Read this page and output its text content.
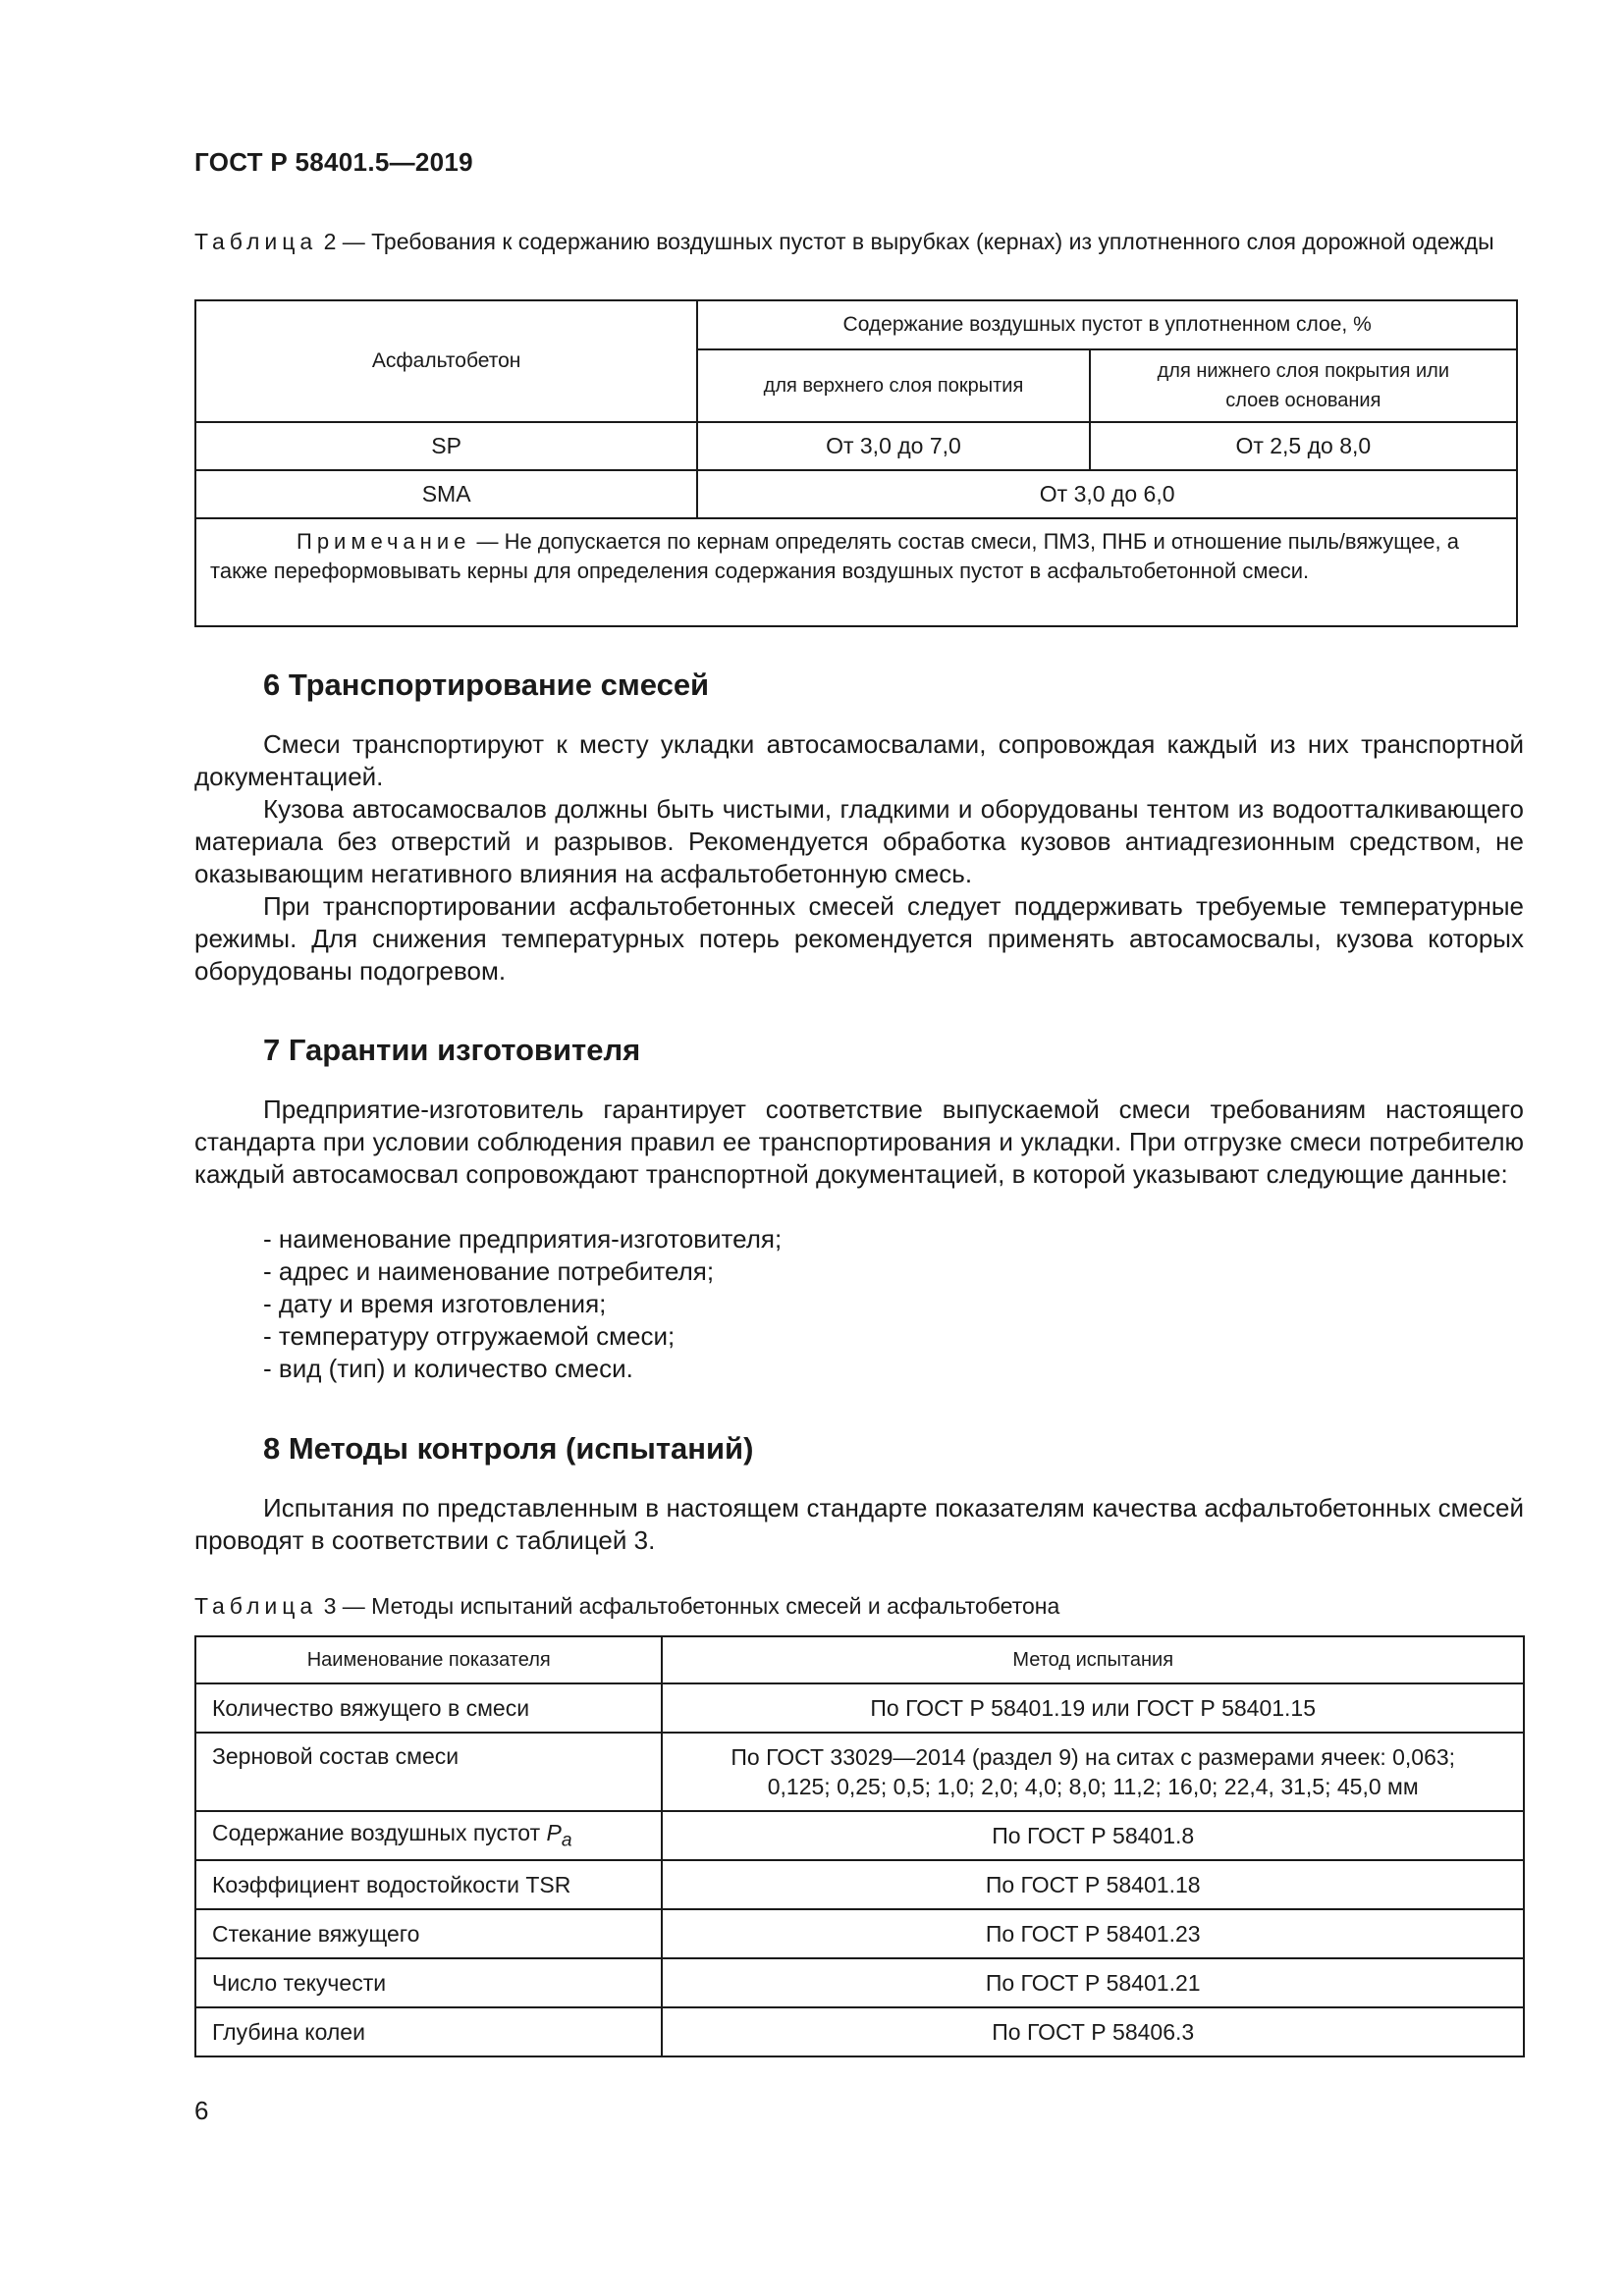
ГОСТ Р 58401.5—2019
Таблица 2 — Требования к содержанию воздушных пустот в вырубках (кернах) из уплотненного слоя дорожной одежды
Асфальтобетон	Содержание воздушных пустот в уплотненном слое, %	
	для верхнего слоя покрытия	для нижнего слоя покрытия или
слоев основания
SP	От 3,0 до 7,0	От 2,5 до 8,0
SMA	От 3,0 до 6,0	

Примечание — Не допускается по кернам определять состав смеси, ПМЗ, ПНБ и отношение пыль/вяжущее, а также переформовывать керны для определения содержания воздушных пустот в асфальтобетонной смеси.		
6 Транспортирование смесей
Смеси транспортируют к месту укладки автосамосвалами, сопровождая каждый из них транспортной документацией.
Кузова автосамосвалов должны быть чистыми, гладкими и оборудованы тентом из водоотталкивающего материала без отверстий и разрывов. Рекомендуется обработка кузовов антиадгезионным средством, не оказывающим негативного влияния на асфальтобетонную смесь.
При транспортировании асфальтобетонных смесей следует поддерживать требуемые температурные режимы. Для снижения температурных потерь рекомендуется применять автосамосвалы, кузова которых оборудованы подогревом.
7 Гарантии изготовителя
Предприятие-изготовитель гарантирует соответствие выпускаемой смеси требованиям настоящего стандарта при условии соблюдения правил ее транспортирования и укладки. При отгрузке смеси потребителю каждый автосамосвал сопровождают транспортной документацией, в которой указывают следующие данные:
- наименование предприятия-изготовителя;
- адрес и наименование потребителя;
- дату и время изготовления;
- температуру отгружаемой смеси;
- вид (тип) и количество смеси.
8 Методы контроля (испытаний)
Испытания по представленным в настоящем стандарте показателям качества асфальтобетонных смесей проводят в соответствии с таблицей 3.
Таблица 3 — Методы испытаний асфальтобетонных смесей и асфальтобетона
Наименование показателя	Метод испытания
Количество вяжущего в смеси	По ГОСТ Р 58401.19 или ГОСТ Р 58401.15
Зерновой состав смеси	По ГОСТ 33029—2014 (раздел 9) на ситах с размерами ячеек: 0,063;
0,125; 0,25; 0,5; 1,0; 2,0; 4,0; 8,0; 11,2; 16,0; 22,4, 31,5; 45,0 мм
Содержание воздушных пустот $P_a$	По ГОСТ Р 58401.8
Коэффициент водостойкости TSR	По ГОСТ Р 58401.18
Стекание вяжущего	По ГОСТ Р 58401.23
Число текучести	По ГОСТ Р 58401.21
Глубина колеи	По ГОСТ Р 58406.3
6
